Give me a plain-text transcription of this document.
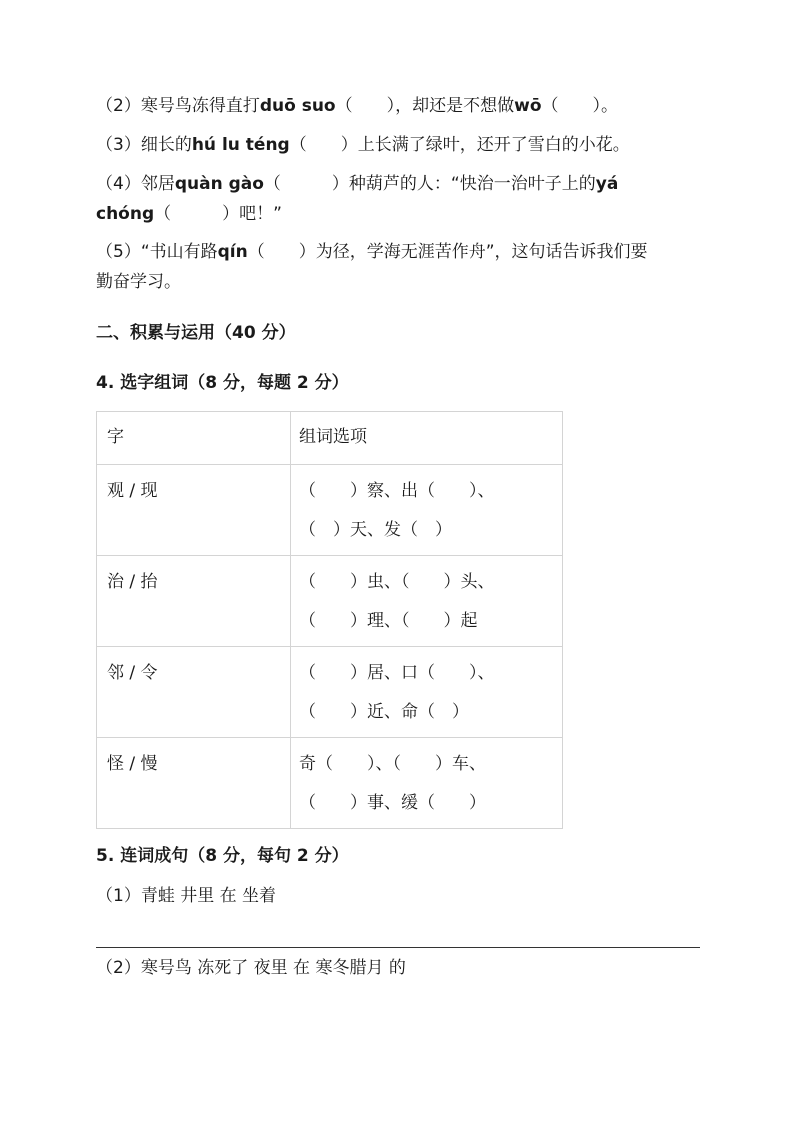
（2）寒号鸟冻得直打duō suo（　　），却还是不想做wō（　　）。
（3）细长的hú lu téng（　　）上长满了绿叶，还开了雪白的小花。
（4）邻居quàn gào（　　　）种葫芦的人：“快治一治叶子上的yá
chóng（　　　）吧！”
（5）“书山有路qín（　　）为径，学海无涯苦作舟”，这句话告诉我们要
勤奋学习。
二、积累与运用（40 分）
4. 选字组词（8 分，每题 2 分）
字	组词选项

观 / 现	（　　）察、出（　　）、
（　）天、发（　）

治 / 抬	（　　）虫、（　　）头、
（　　）理、（　　）起

邻 / 令	（　　）居、口（　　）、
（　　）近、命（　）

怪 / 慢	奇（　　）、（　　）车、
（　　）事、缓（　　）
5. 连词成句（8 分，每句 2 分）
（1）青蛙 井里 在 坐着
（2）寒号鸟 冻死了 夜里 在 寒冬腊月 的
